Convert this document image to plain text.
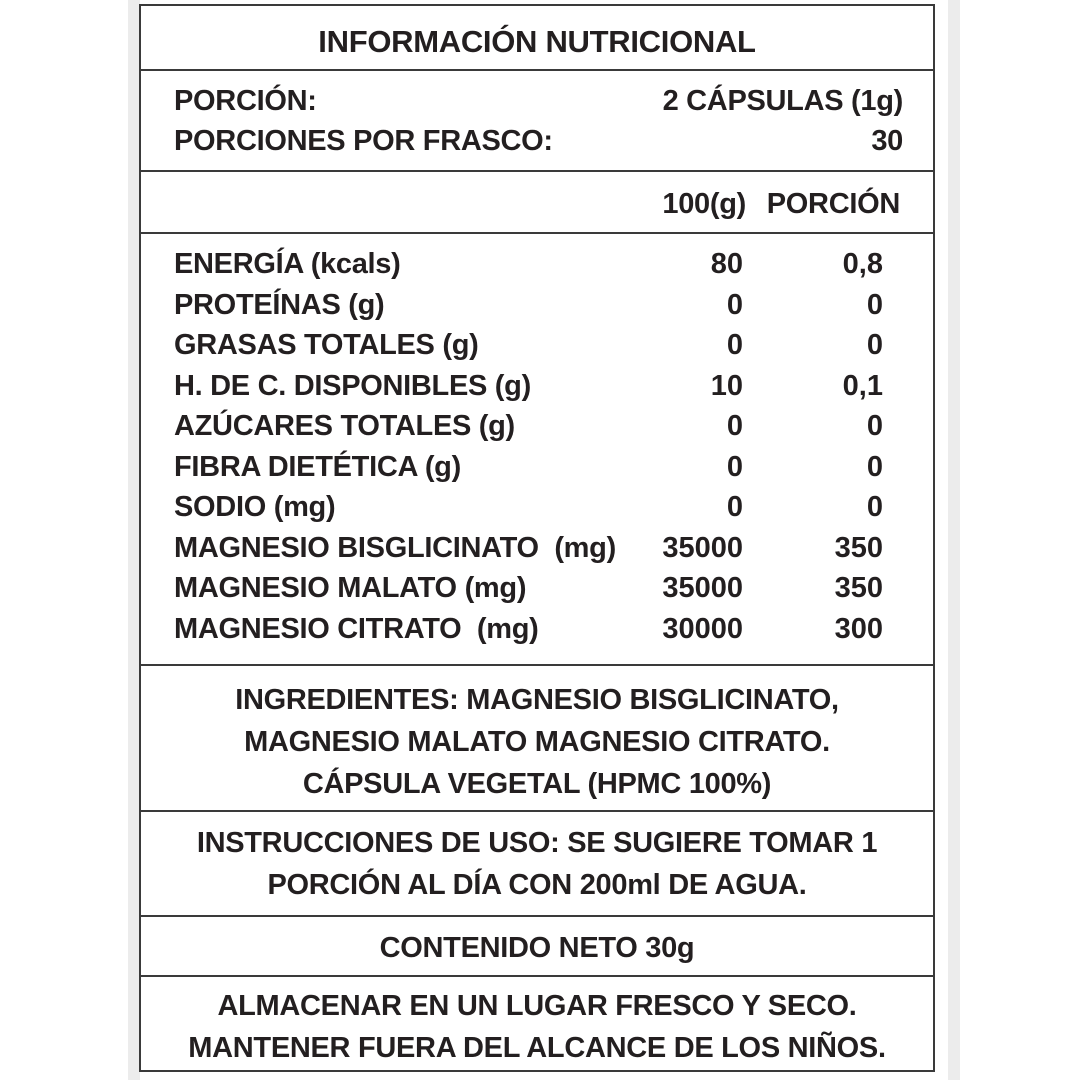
INFORMACIÓN NUTRICIONAL
PORCIÓN:	2 CÁPSULAS (1g)
PORCIONES POR FRASCO:	30
100(g) PORCIÓN
ENERGÍA (kcals)	80	0,8
PROTEÍNAS (g)	0	0
GRASAS TOTALES (g)	0	0
H. DE C. DISPONIBLES (g)	10	0,1
AZÚCARES TOTALES (g)	0	0
FIBRA DIETÉTICA (g)	0	0
SODIO (mg)	0	0
MAGNESIO BISGLICINATO  (mg) 35000	350
MAGNESIO MALATO (mg)	35000	350
MAGNESIO CITRATO  (mg)	30000	300
INGREDIENTES: MAGNESIO BISGLICINATO,
MAGNESIO MALATO MAGNESIO CITRATO.
CÁPSULA VEGETAL (HPMC 100%)
INSTRUCCIONES DE USO: SE SUGIERE TOMAR 1
PORCIÓN AL DÍA CON 200ml DE AGUA.
CONTENIDO NETO 30g
ALMACENAR EN UN LUGAR FRESCO Y SECO.
MANTENER FUERA DEL ALCANCE DE LOS NIÑOS.
